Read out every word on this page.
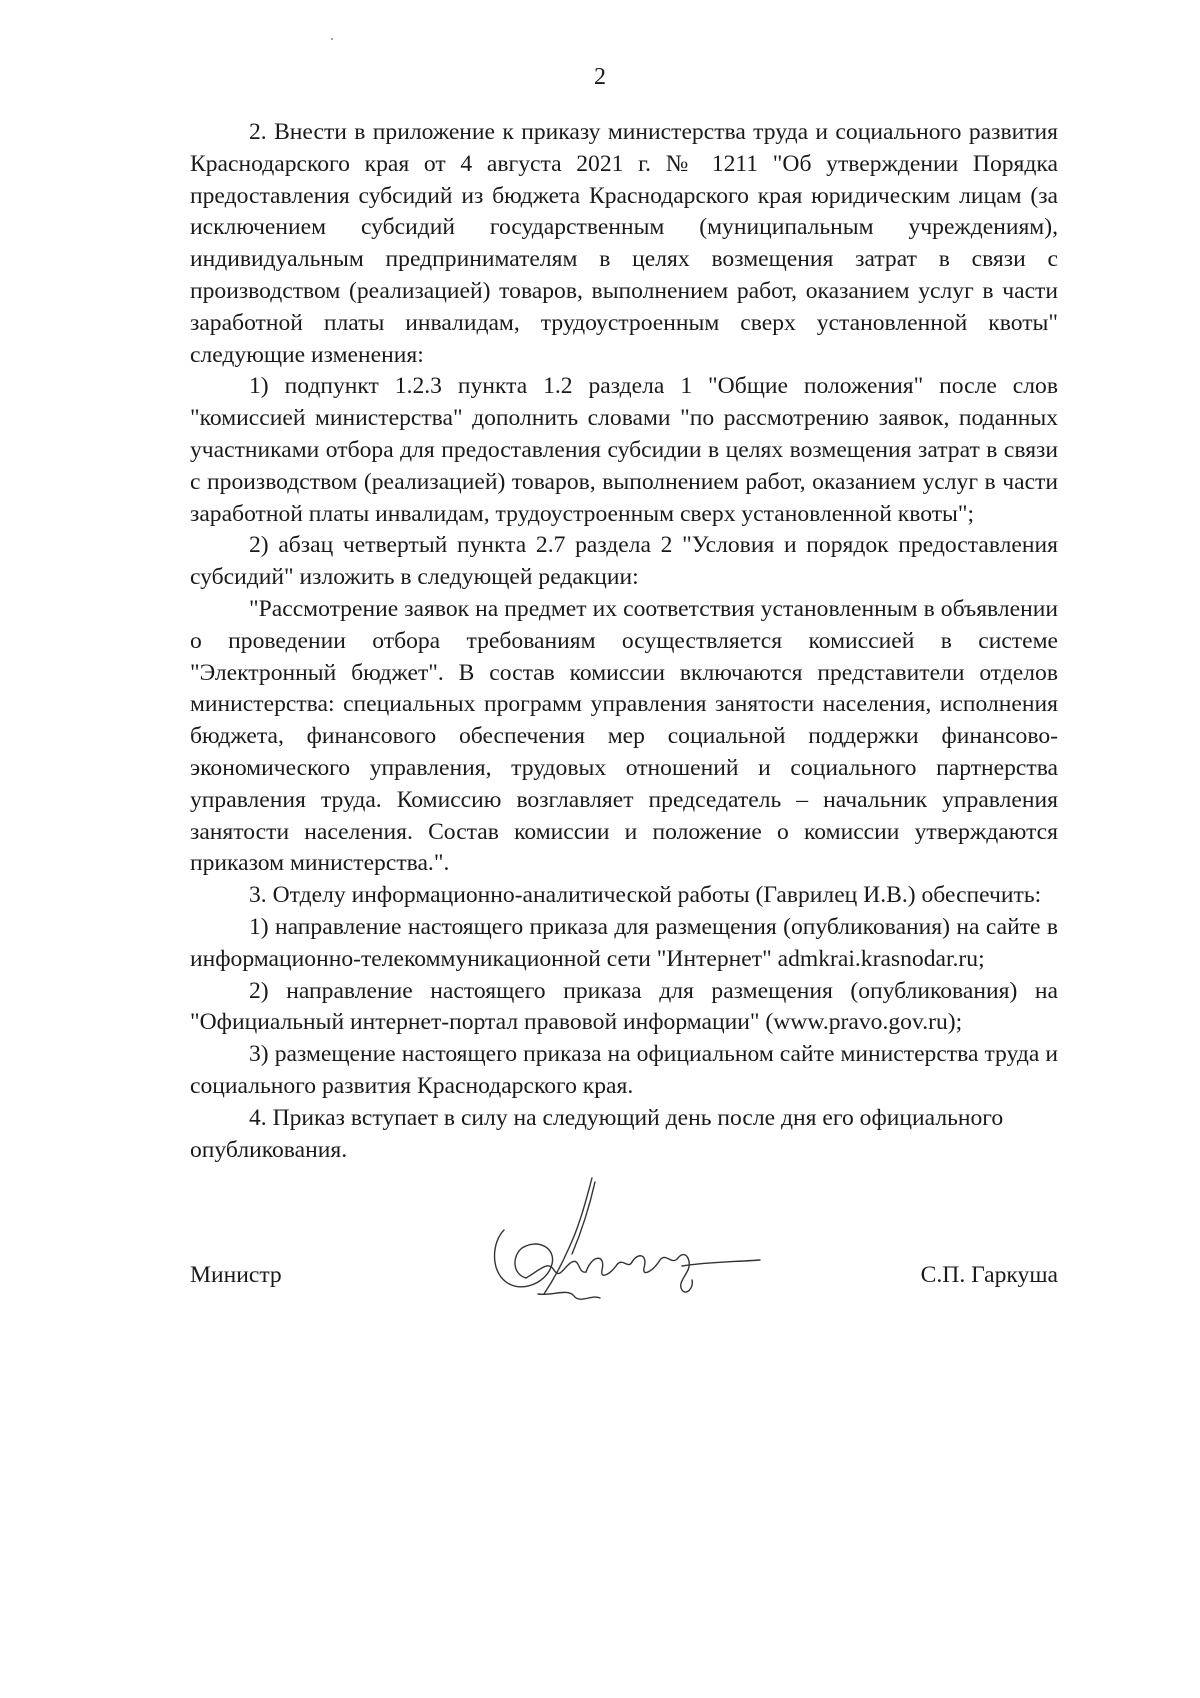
2

2. Внести в приложение к приказу министерства труда и социального развития Краснодарского края от 4 августа 2021 г. № 1211 "Об утверждении Порядка предоставления субсидий из бюджета Краснодарского края юридическим лицам (за исключением субсидий государственным (муниципальным учреждениям), индивидуальным предпринимателям в целях возмещения затрат в связи с производством (реализацией) товаров, выполнением работ, оказанием услуг в части заработной платы инвалидам, трудоустроенным сверх установленной квоты" следующие изменения:

1) подпункт 1.2.3 пункта 1.2 раздела 1 "Общие положения" после слов "комиссией министерства" дополнить словами "по рассмотрению заявок, поданных участниками отбора для предоставления субсидии в целях возмещения затрат в связи с производством (реализацией) товаров, выполнением работ, оказанием услуг в части заработной платы инвалидам, трудоустроенным сверх установленной квоты";

2) абзац четвертый пункта 2.7 раздела 2 "Условия и порядок предоставления субсидий" изложить в следующей редакции:

"Рассмотрение заявок на предмет их соответствия установленным в объявлении о проведении отбора требованиям осуществляется комиссией в системе "Электронный бюджет". В состав комиссии включаются представители отделов министерства: специальных программ управления занятости населения, исполнения бюджета, финансового обеспечения мер социальной поддержки финансово-экономического управления, трудовых отношений и социального партнерства управления труда. Комиссию возглавляет председатель – начальник управления занятости населения. Состав комиссии и положение о комиссии утверждаются приказом министерства.".

3. Отделу информационно-аналитической работы (Гаврилец И.В.) обеспечить:

1) направление настоящего приказа для размещения (опубликования) на сайте в информационно-телекоммуникационной сети "Интернет" admkrai.krasnodar.ru;

2) направление настоящего приказа для размещения (опубликования) на "Официальный интернет-портал правовой информации" (www.pravo.gov.ru);

3) размещение настоящего приказа на официальном сайте министерства труда и социального развития Краснодарского края.

4. Приказ вступает в силу на следующий день после дня его официального опубликования.

Министр	С.П. Гаркуша
